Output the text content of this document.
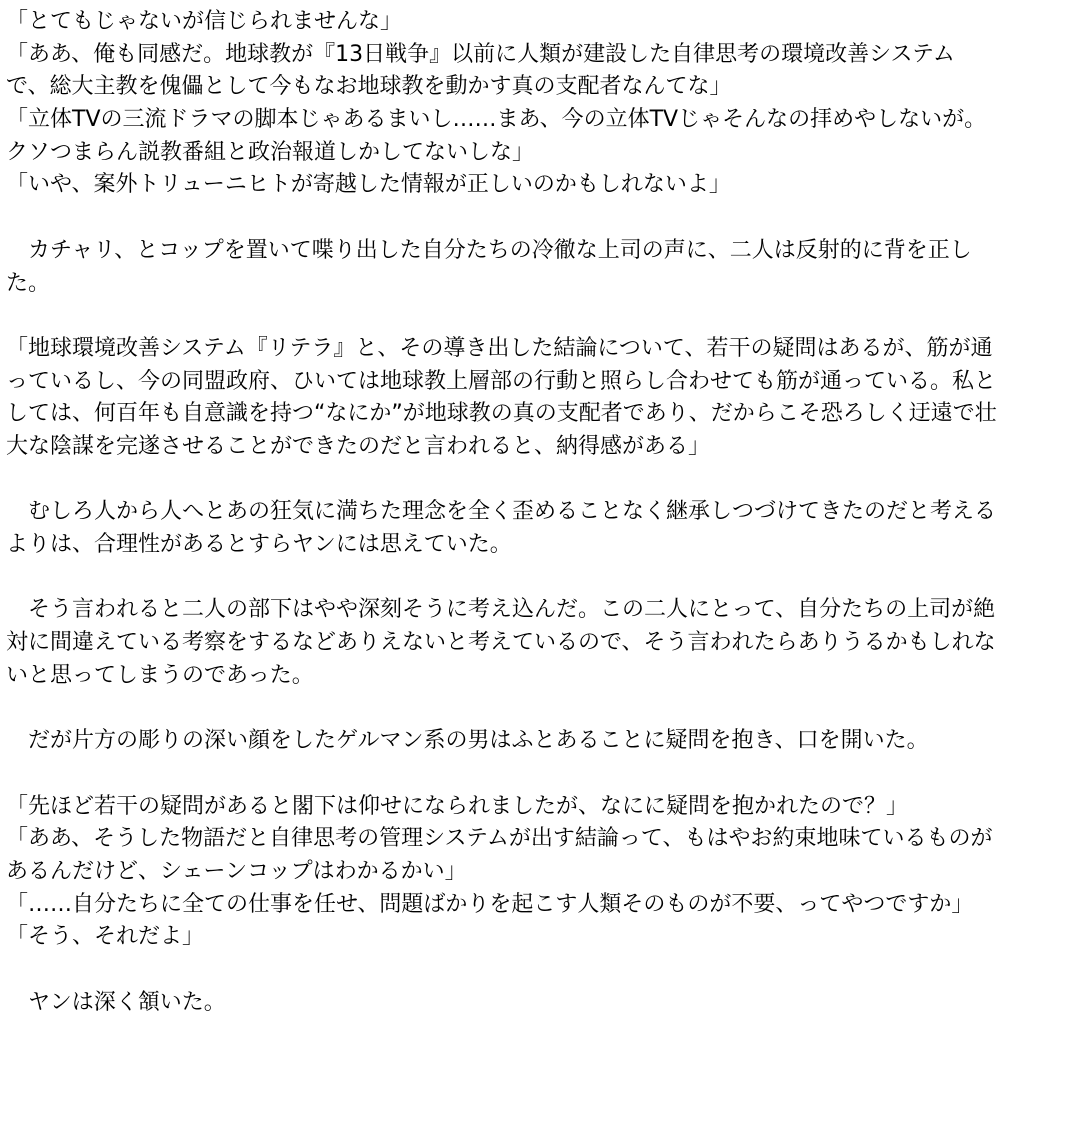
「とてもじゃないが信じられませんな」
「ああ、俺も同感だ。地球教が『13日戦争』以前に人類が建設した自律思考の環境改善システム
で、総大主教を傀儡として今もなお地球教を動かす真の支配者なんてな」
「立体TVの三流ドラマの脚本じゃあるまいし……まあ、今の立体TVじゃそんなの拝めやしないが。
クソつまらん説教番組と政治報道しかしてないしな」
「いや、案外トリューニヒトが寄越した情報が正しいのかもしれないよ」
　カチャリ、とコップを置いて喋り出した自分たちの冷徹な上司の声に、二人は反射的に背を正し
た。
「地球環境改善システム『リテラ』と、その導き出した結論について、若干の疑問はあるが、筋が通
っているし、今の同盟政府、ひいては地球教上層部の行動と照らし合わせても筋が通っている。私と
しては、何百年も自意識を持つ“なにか”が地球教の真の支配者であり、だからこそ恐ろしく迂遠で壮
大な陰謀を完遂させることができたのだと言われると、納得感がある」
　むしろ人から人へとあの狂気に満ちた理念を全く歪めることなく継承しつづけてきたのだと考える
よりは、合理性があるとすらヤンには思えていた。
　そう言われると二人の部下はやや深刻そうに考え込んだ。この二人にとって、自分たちの上司が絶
対に間違えている考察をするなどありえないと考えているので、そう言われたらありうるかもしれな
いと思ってしまうのであった。
　だが片方の彫りの深い顔をしたゲルマン系の男はふとあることに疑問を抱き、口を開いた。
「先ほど若干の疑問があると閣下は仰せになられましたが、なにに疑問を抱かれたので？」
「ああ、そうした物語だと自律思考の管理システムが出す結論って、もはやお約束地味ているものが
あるんだけど、シェーンコップはわかるかい」
「……自分たちに全ての仕事を任せ、問題ばかりを起こす人類そのものが不要、ってやつですか」
「そう、それだよ」
　ヤンは深く頷いた。
